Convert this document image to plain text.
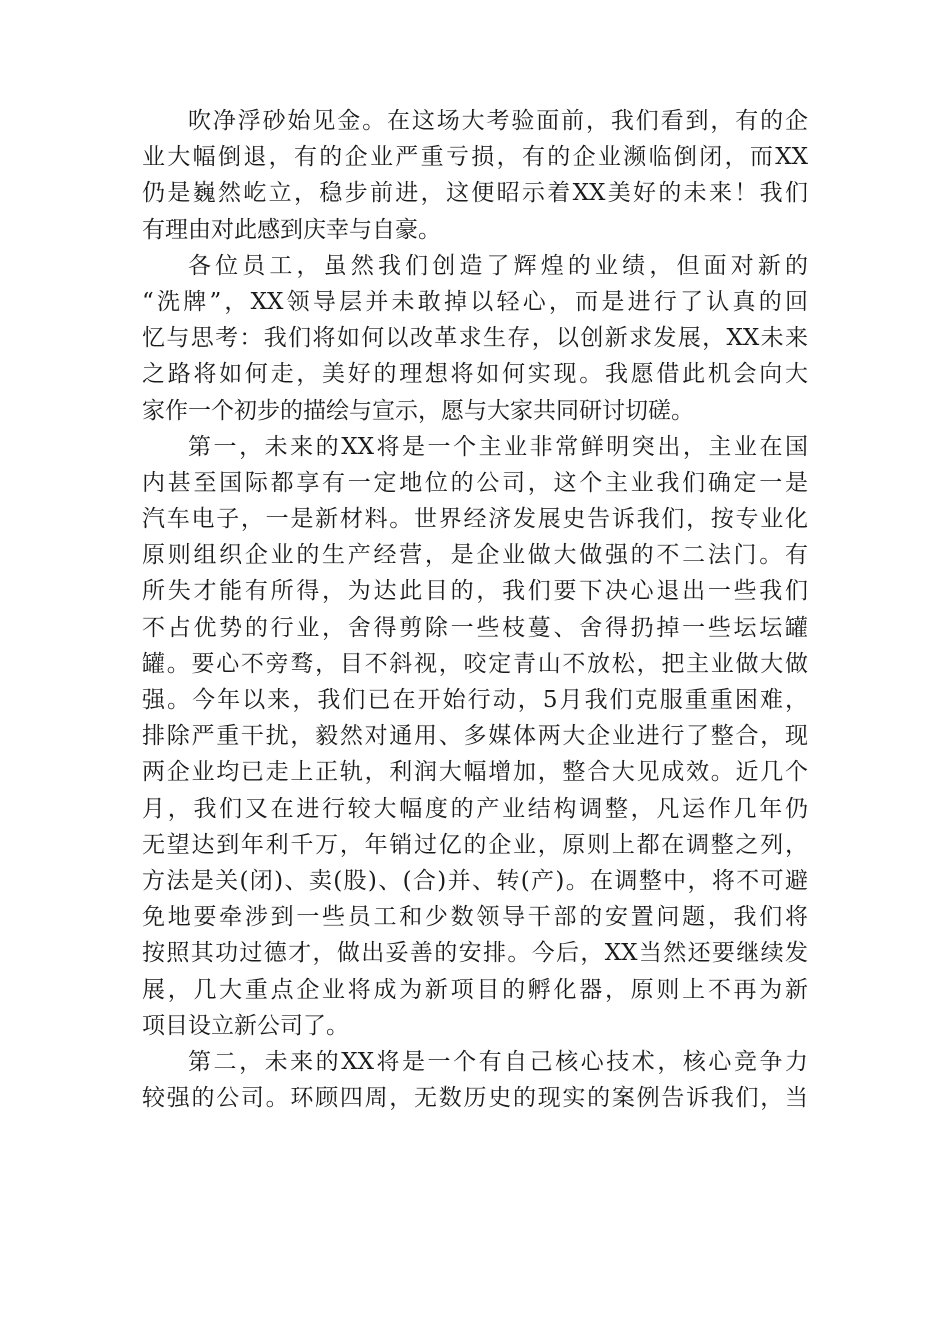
吹净浮砂始见金。在这场大考验面前，我们看到，有的企
业大幅倒退，有的企业严重亏损，有的企业濒临倒闭，而XX
仍是巍然屹立，稳步前进，这便昭示着XX美好的未来！我们
有理由对此感到庆幸与自豪。
各位员工，虽然我们创造了辉煌的业绩，但面对新的
“洗牌”，XX领导层并未敢掉以轻心，而是进行了认真的回
忆与思考：我们将如何以改革求生存，以创新求发展，XX未来
之路将如何走，美好的理想将如何实现。我愿借此机会向大
家作一个初步的描绘与宣示，愿与大家共同研讨切磋。
第一，未来的XX将是一个主业非常鲜明突出，主业在国
内甚至国际都享有一定地位的公司，这个主业我们确定一是
汽车电子，一是新材料。世界经济发展史告诉我们，按专业化
原则组织企业的生产经营，是企业做大做强的不二法门。有
所失才能有所得，为达此目的，我们要下决心退出一些我们
不占优势的行业，舍得剪除一些枝蔓、舍得扔掉一些坛坛罐
罐。要心不旁骛，目不斜视，咬定青山不放松，把主业做大做
强。今年以来，我们已在开始行动，5月我们克服重重困难，
排除严重干扰，毅然对通用、多媒体两大企业进行了整合，现
两企业均已走上正轨，利润大幅增加，整合大见成效。近几个
月，我们又在进行较大幅度的产业结构调整，凡运作几年仍
无望达到年利千万，年销过亿的企业，原则上都在调整之列，
方法是关(闭)、卖(股)、(合)并、转(产)。在调整中，将不可避
免地要牵涉到一些员工和少数领导干部的安置问题，我们将
按照其功过德才，做出妥善的安排。今后，XX当然还要继续发
展，几大重点企业将成为新项目的孵化器，原则上不再为新
项目设立新公司了。
第二，未来的XX将是一个有自己核心技术，核心竞争力
较强的公司。环顾四周，无数历史的现实的案例告诉我们，当
